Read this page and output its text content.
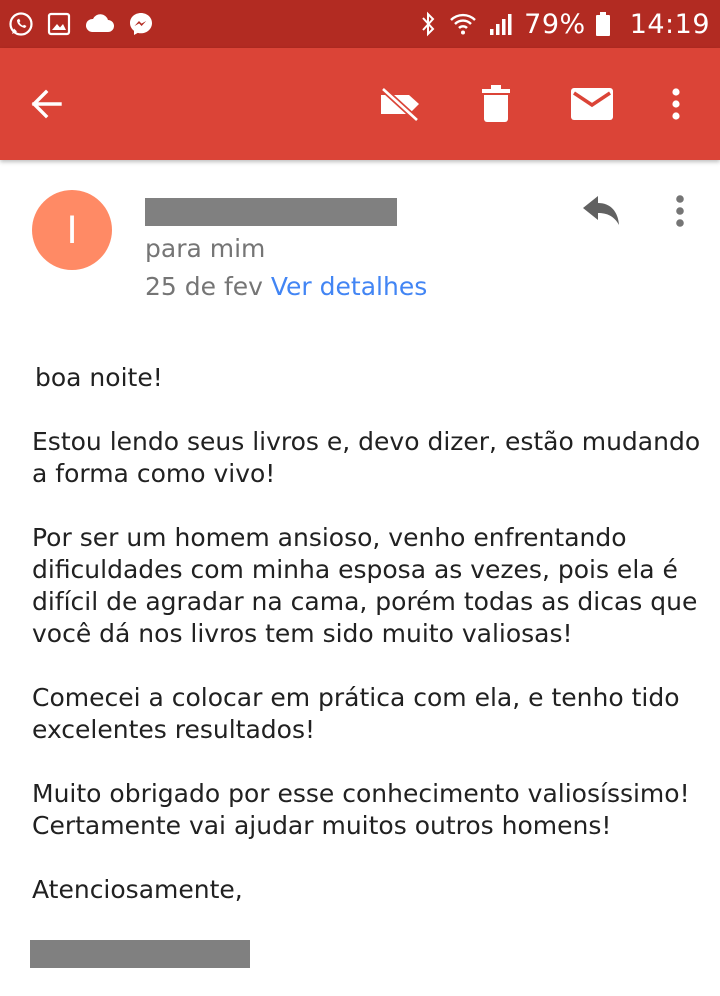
79% 14:19
I	para mim
25 de fev Ver detalhes

boa noite!

Estou lendo seus livros e, devo dizer, estão mudando a forma como vivo!

Por ser um homem ansioso, venho enfrentando dificuldades com minha esposa as vezes, pois ela é difícil de agradar na cama, porém todas as dicas que você dá nos livros tem sido muito valiosas!

Comecei a colocar em prática com ela, e tenho tido excelentes resultados!

Muito obrigado por esse conhecimento valiosíssimo! Certamente vai ajudar muitos outros homens!

Atenciosamente,
